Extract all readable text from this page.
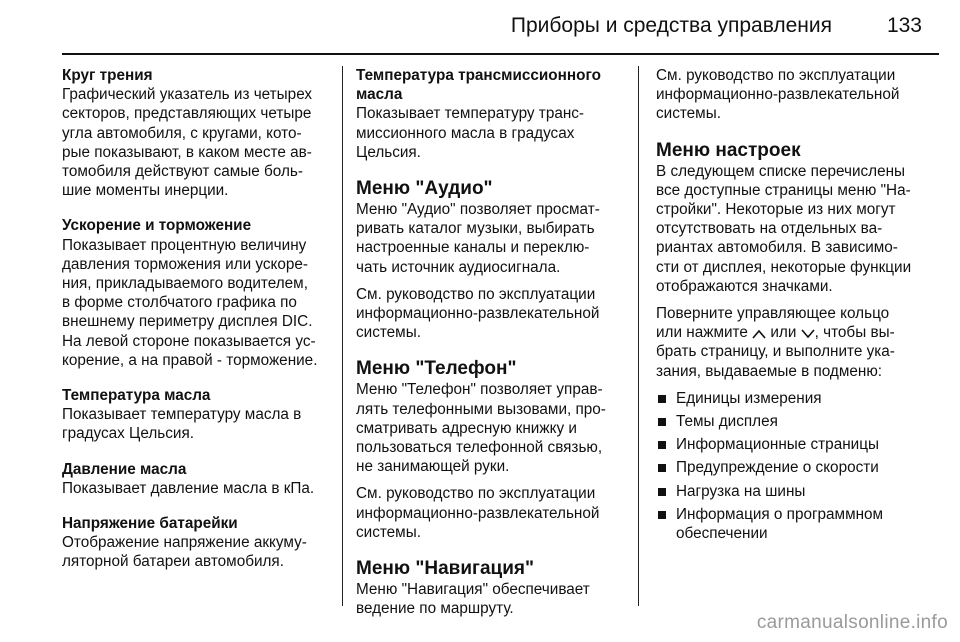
Приборы и средства управления	133
Круг трения
Графический указатель из четырех
секторов, представляющих четыре
угла автомобиля, с кругами, кото-
рые показывают, в каком месте ав-
томобиля действуют самые боль-
шие моменты инерции.
Ускорение и торможение
Показывает процентную величину
давления торможения или ускоре-
ния, прикладываемого водителем,
в форме столбчатого графика по
внешнему периметру дисплея DIC.
На левой стороне показывается ус-
корение, а на правой - торможение.
Температура масла
Показывает температуру масла в
градусах Цельсия.
Давление масла
Показывает давление масла в кПа.
Напряжение батарейки
Отображение напряжение аккуму-
ляторной батареи автомобиля.
Температура трансмиссионного
масла
Показывает температуру транс-
миссионного масла в градусах
Цельсия.
Меню "Аудио"
Меню "Аудио" позволяет просмат-
ривать каталог музыки, выбирать
настроенные каналы и переклю-
чать источник аудиосигнала.
См. руководство по эксплуатации
информационно-развлекательной
системы.
Меню "Телефон"
Меню "Телефон" позволяет управ-
лять телефонными вызовами, про-
сматривать адресную книжку и
пользоваться телефонной связью,
не занимающей руки.
См. руководство по эксплуатации
информационно-развлекательной
системы.
Меню "Навигация"
Меню "Навигация" обеспечивает
ведение по маршруту.
См. руководство по эксплуатации
информационно-развлекательной
системы.
Меню настроек
В следующем списке перечислены
все доступные страницы меню "На-
стройки". Некоторые из них могут
отсутствовать на отдельных ва-
риантах автомобиля. В зависимо-
сти от дисплея, некоторые функции
отображаются значками.
Поверните управляющее кольцо
или нажмите или , чтобы вы-
брать страницу, и выполните ука-
зания, выдаваемые в подменю:
Единицы измерения
Темы дисплея
Информационные страницы
Предупреждение о скорости
Нагрузка на шины
Информация о программном обеспечении
carmanualsonline.info
